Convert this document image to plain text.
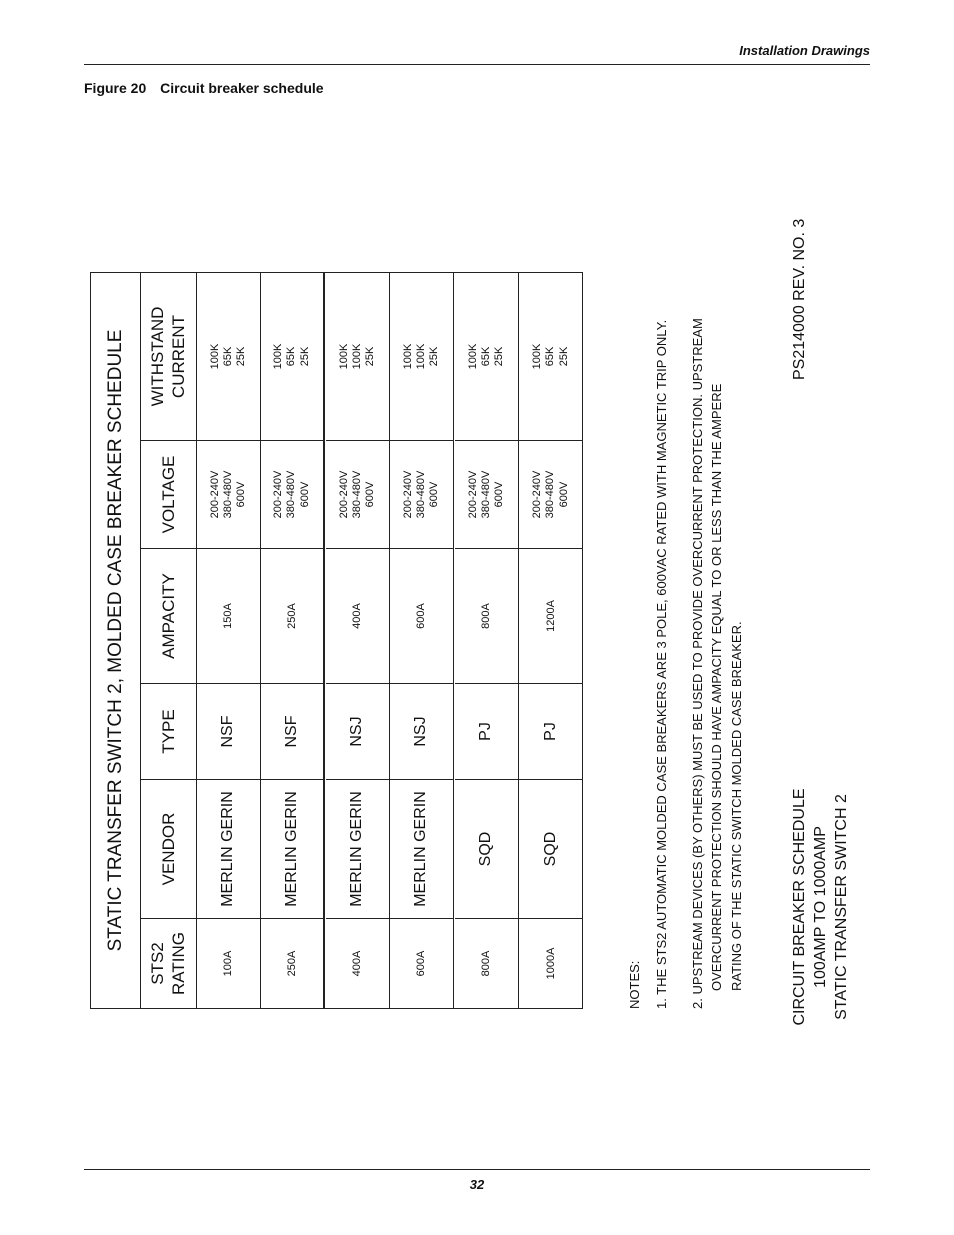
Installation Drawings
Figure 20 Circuit breaker schedule
STATIC TRANSFER SWITCH 2, MOLDED CASE BREAKER SCHEDULE
STS2 RATING
VENDOR
TYPE
AMPACITY
VOLTAGE
WITHSTAND CURRENT
100A
MERLIN GERIN
NSF
150A
200-240V 380-480V 600V
100K 65K 25K
250A
MERLIN GERIN
NSF
250A
200-240V 380-480V 600V
100K 65K 25K
400A
MERLIN GERIN
NSJ
400A
200-240V 380-480V 600V
100K 100K 25K
600A
MERLIN GERIN
NSJ
600A
200-240V 380-480V 600V
100K 100K 25K
800A
SQD
PJ
800A
200-240V 380-480V 600V
100K 65K 25K
1000A
SQD
PJ
1200A
200-240V 380-480V 600V
100K 65K 25K
NOTES: 1. THE STS2 AUTOMATIC MOLDED CASE BREAKERS ARE 3 POLE, 600VAC RATED WITH MAGNETIC TRIP ONLY. 2. UPSTREAM DEVICES (BY OTHERS) MUST BE USED TO PROVIDE OVERCURRENT PROTECTION. UPSTREAM OVERCURRENT PROTECTION SHOULD HAVE AMPACITY EQUAL TO OR LESS THAN THE AMPERE RATING OF THE STATIC SWITCH MOLDED CASE BREAKER.	CIRCUIT BREAKER SCHEDULE 100AMP TO 1000AMP STATIC TRANSFER SWITCH 2
PS214000 REV. NO. 3
32
